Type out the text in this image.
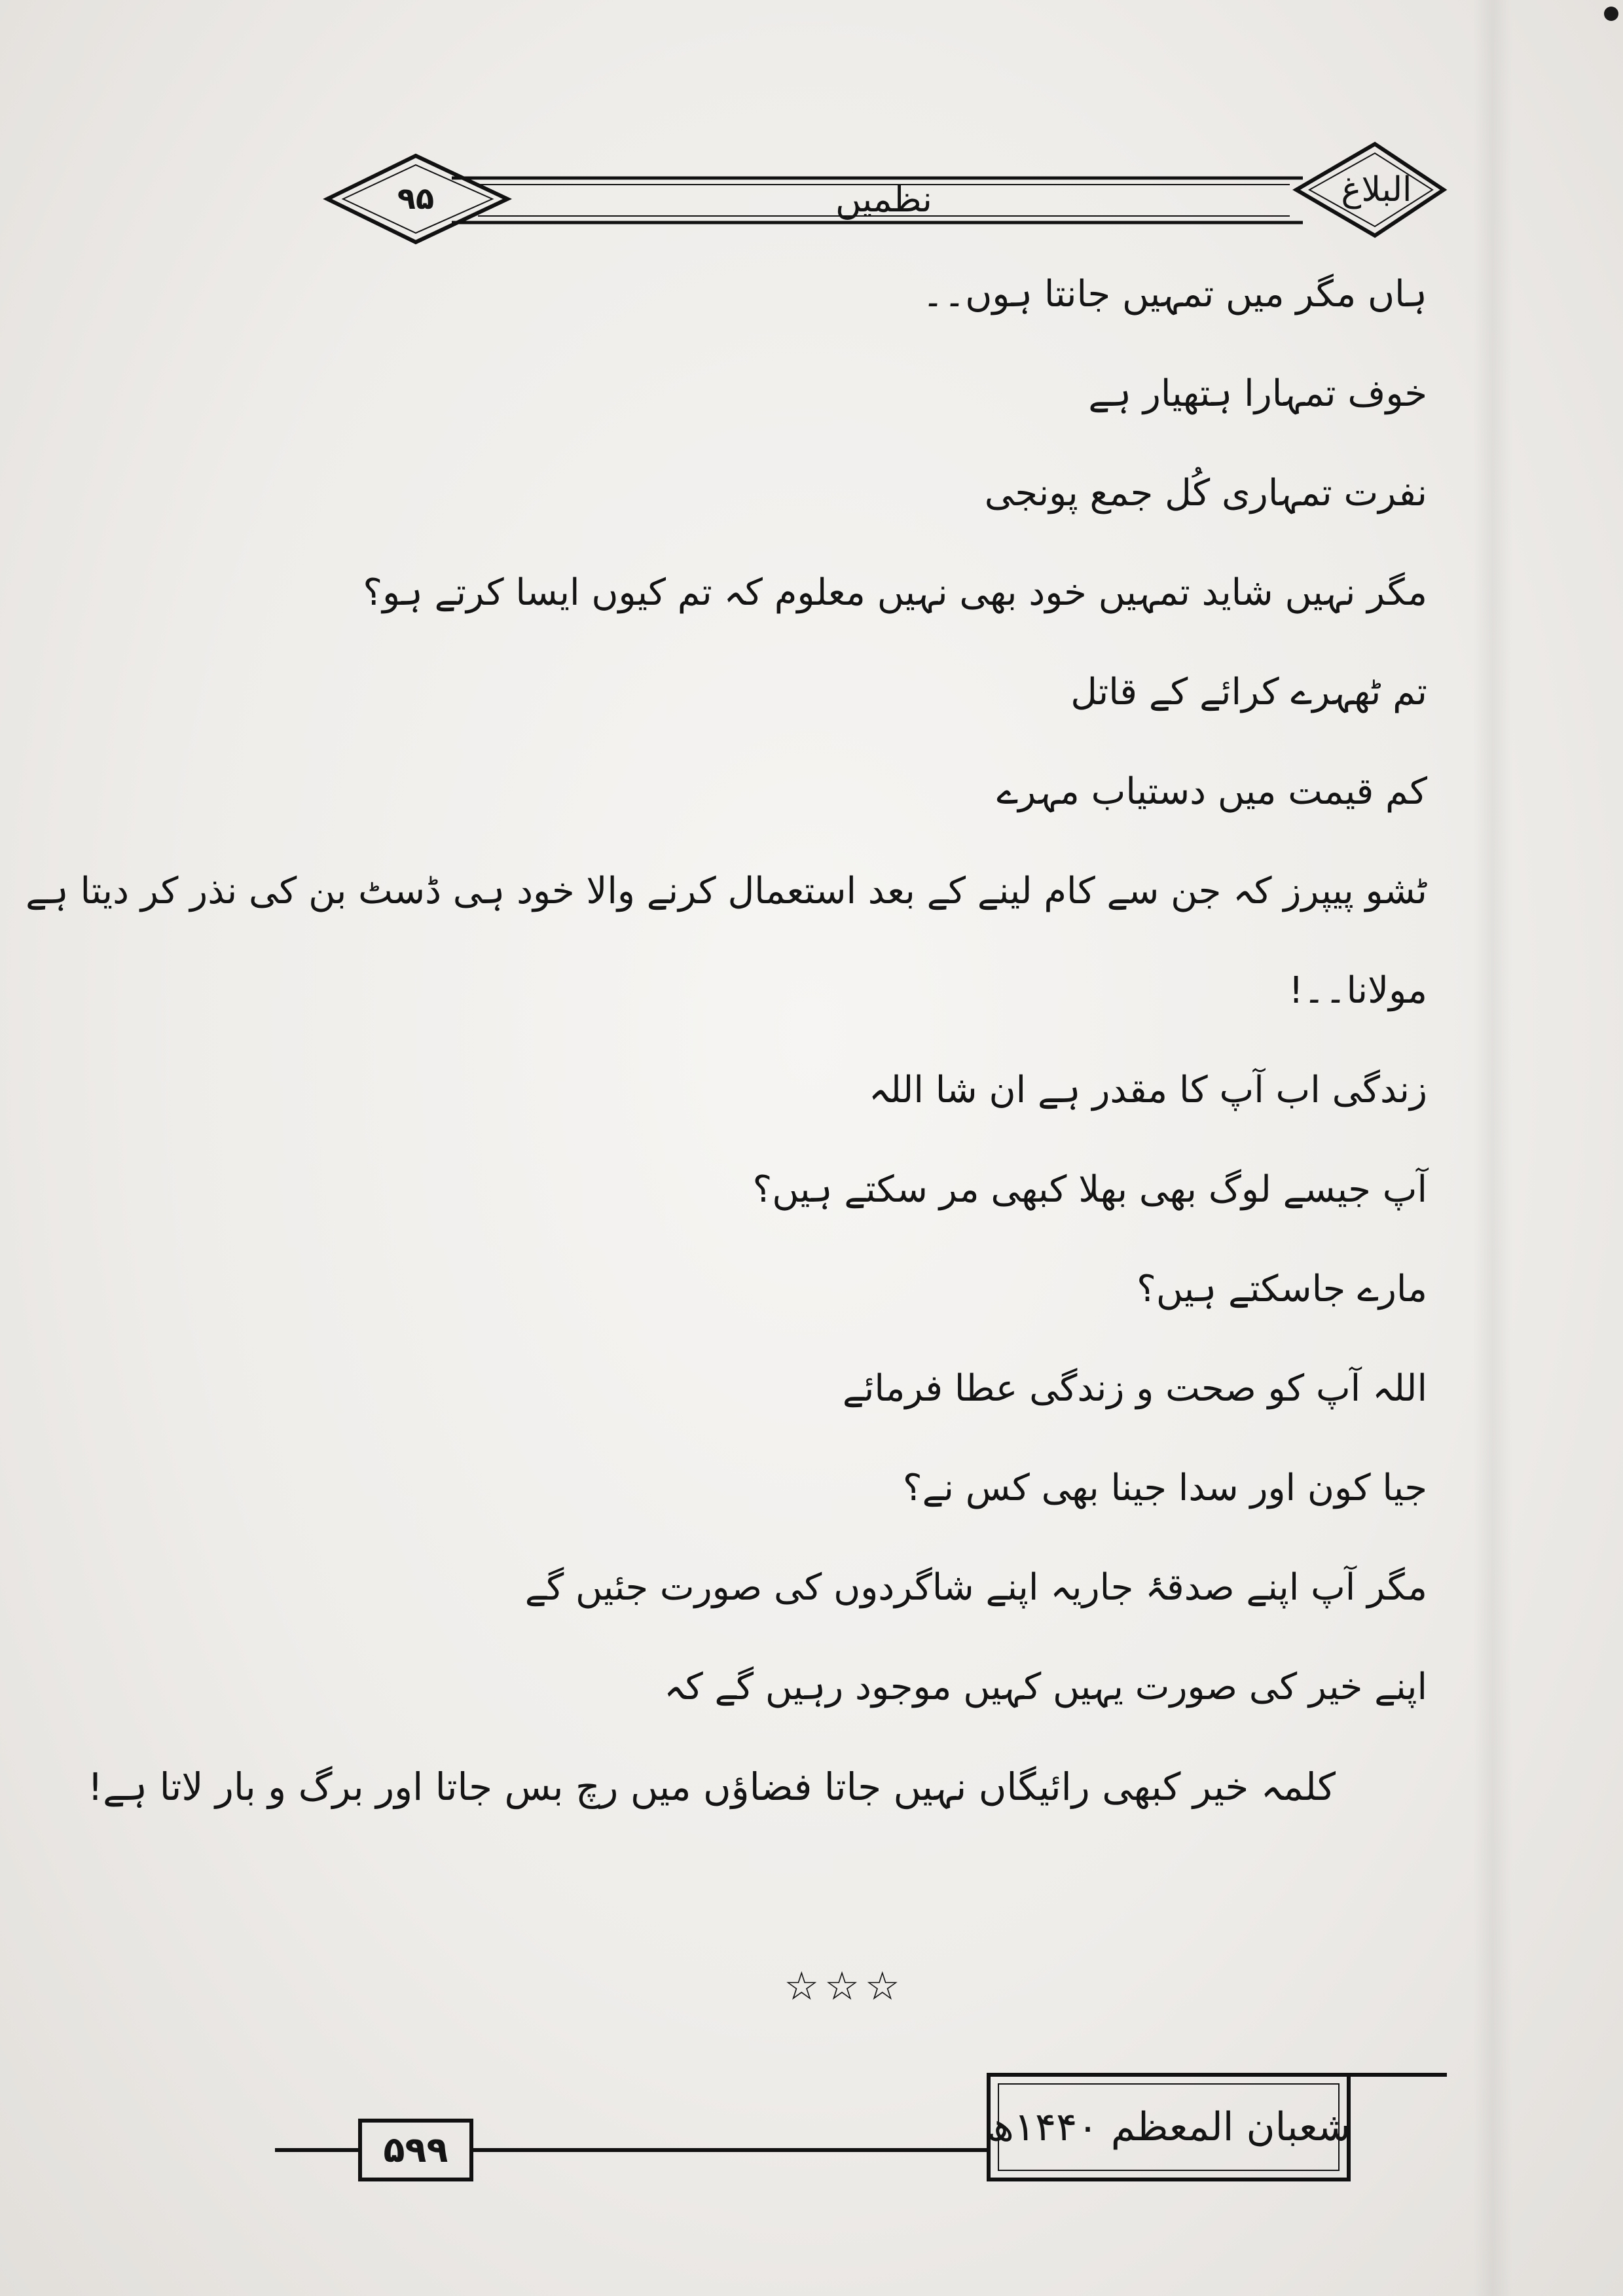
۹۵	نظمیں	البلاغ
ہاں مگر میں تمہیں جانتا ہوں۔۔
خوف تمہارا ہتھیار ہے
نفرت تمہاری کُل جمع پونجی
مگر نہیں شاید تمہیں خود بھی نہیں معلوم کہ تم کیوں ایسا کرتے ہو؟
تم ٹھہرے کرائے کے قاتل
کم قیمت میں دستیاب مہرے
ٹشو پیپرز کہ جن سے کام لینے کے بعد استعمال کرنے والا خود ہی ڈسٹ بن کی نذر کر دیتا ہے
مولانا۔۔!
زندگی اب آپ کا مقدر ہے ان شا اللہ
آپ جیسے لوگ بھی بھلا کبھی مر سکتے ہیں؟
مارے جاسکتے ہیں؟
اللہ آپ کو صحت و زندگی عطا فرمائے
جیا کون اور سدا جینا بھی کس نے؟
مگر آپ اپنے صدقۂ جاریہ اپنے شاگردوں کی صورت جئیں گے
اپنے خیر کی صورت یہیں کہیں موجود رہیں گے کہ
کلمہ خیر کبھی رائیگاں نہیں جاتا فضاؤں میں رچ بس جاتا اور برگ و بار لاتا ہے!
☆☆☆
۵۹۹	شعبان المعظم ۱۴۴۰ھ
